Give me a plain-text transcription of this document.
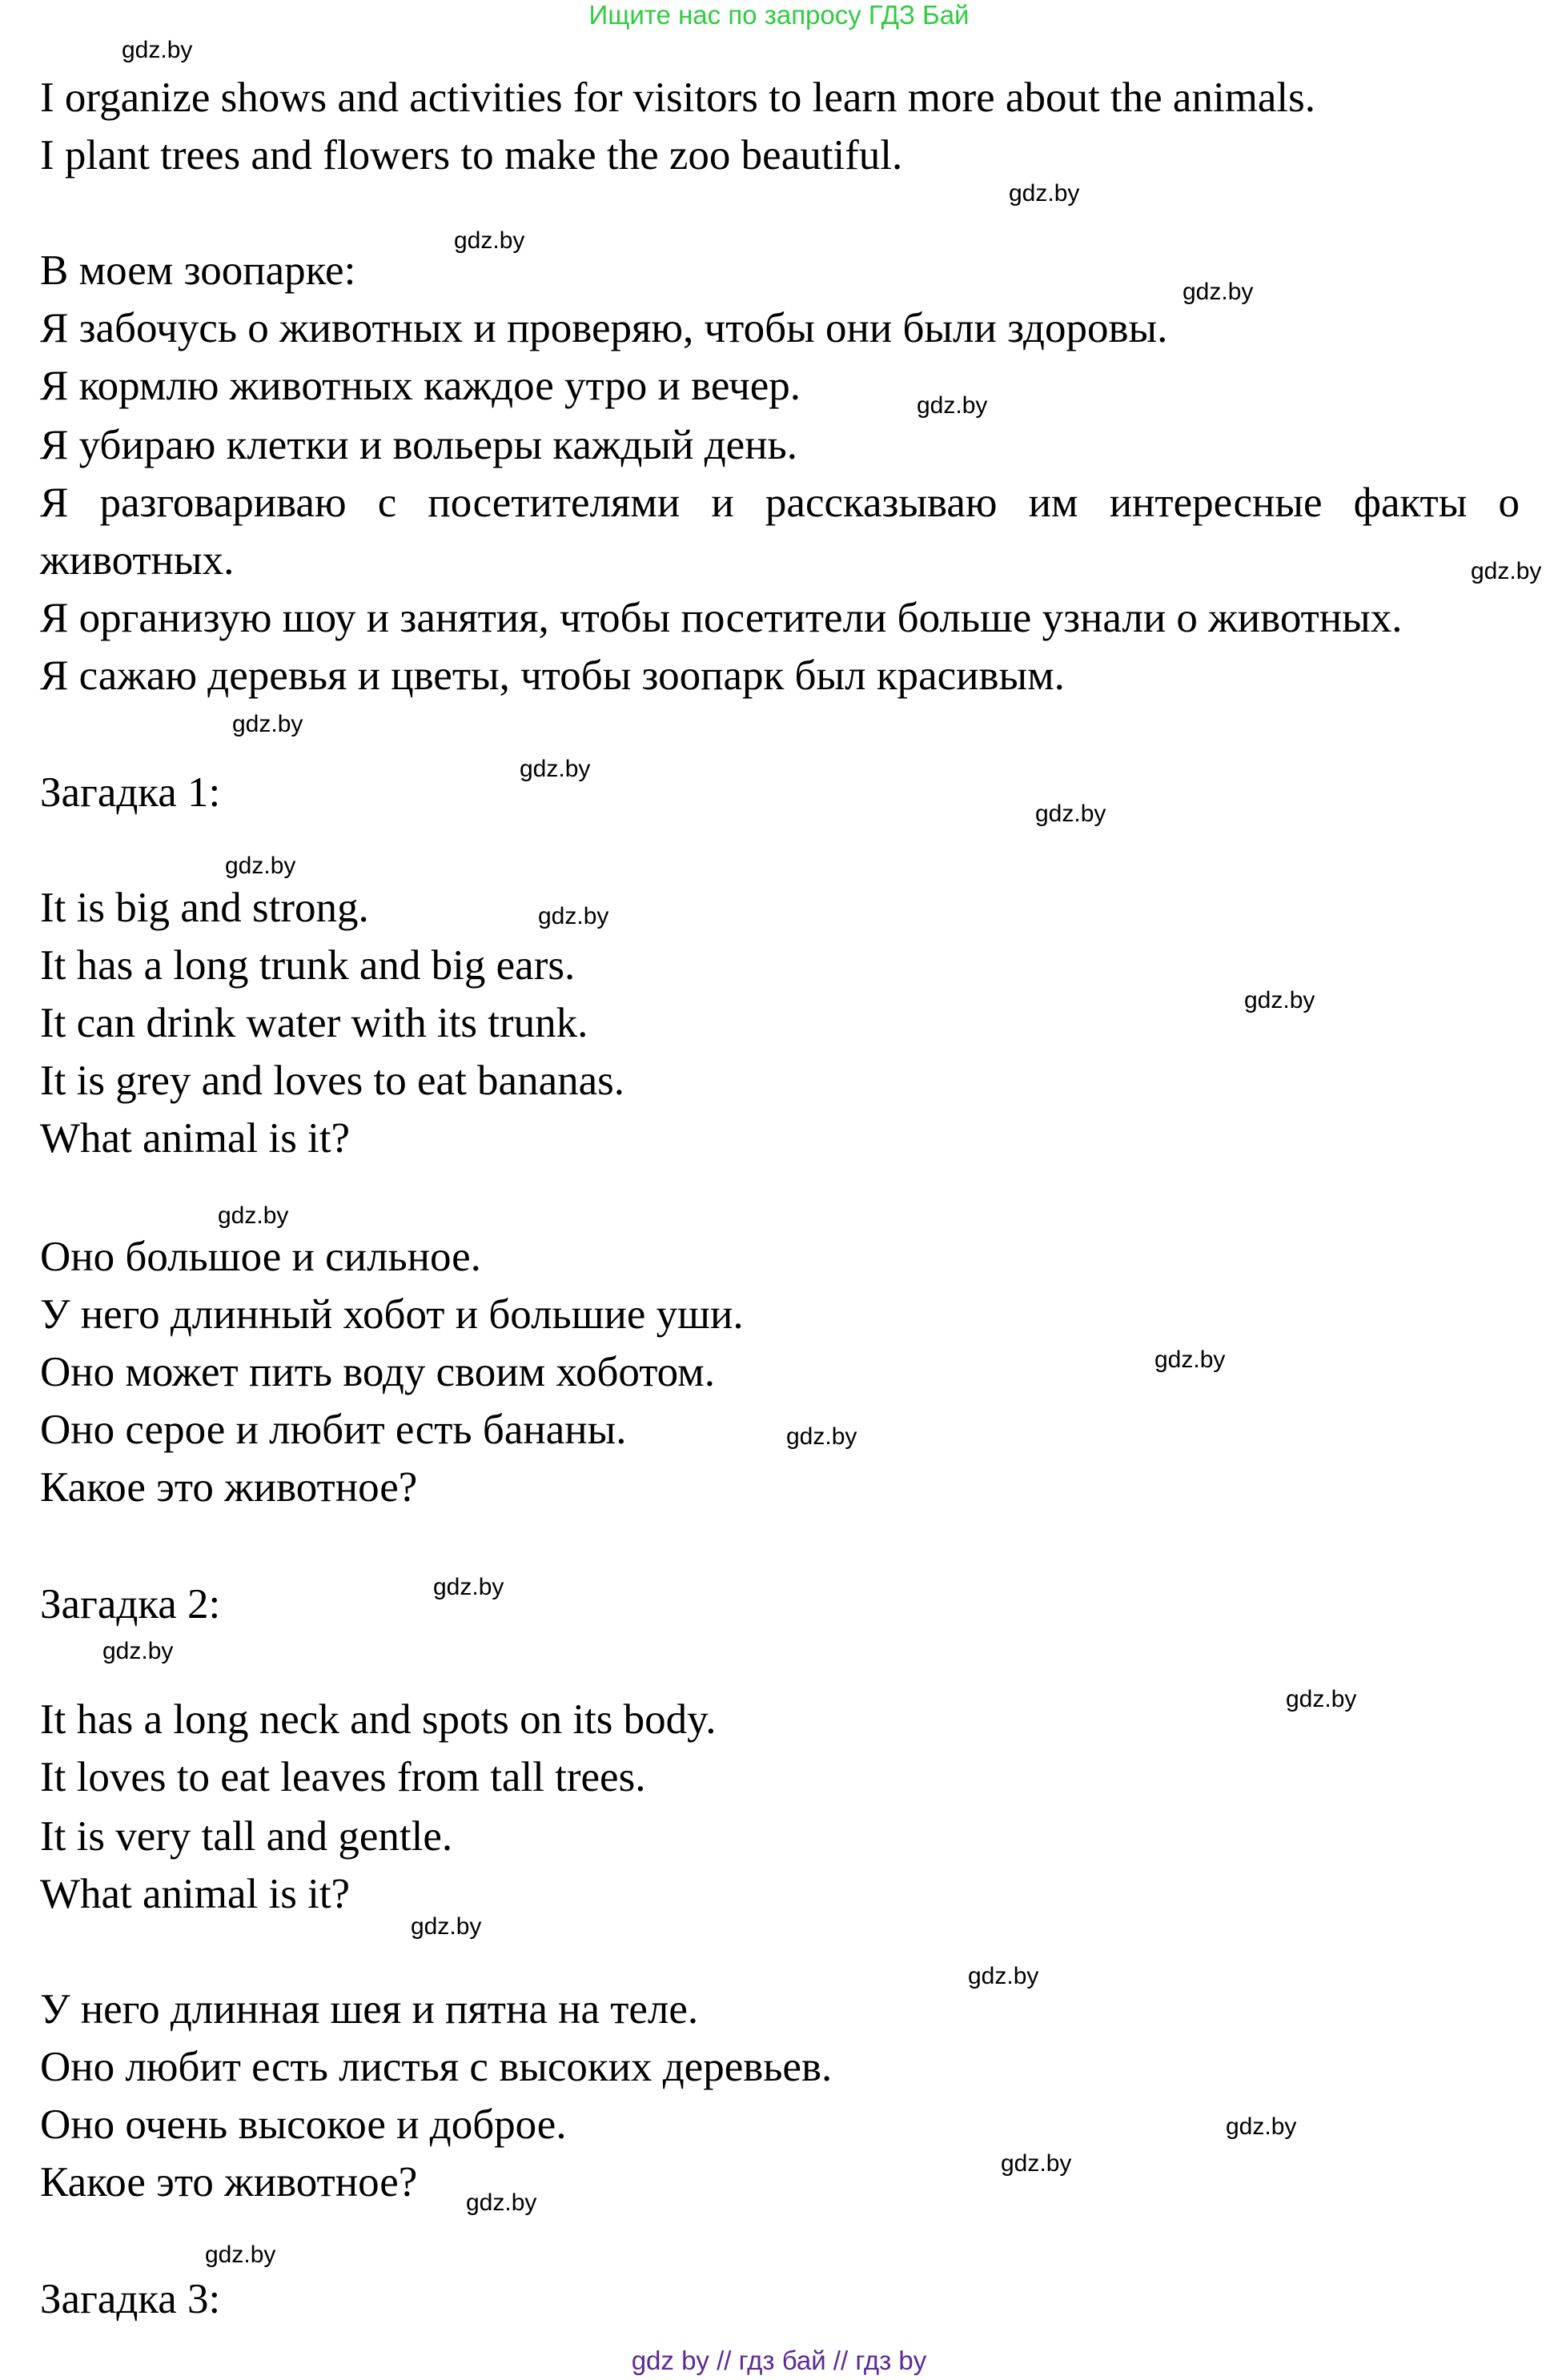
Ищите нас по запросу ГДЗ Бай
gdz.by
I organize shows and activities for visitors to learn more about the animals.
I plant trees and flowers to make the zoo beautiful.
gdz.by
gdz.by
В моем зоопарке:	gdz.by
Я забочусь о животных и проверяю, чтобы они были здоровы.
Я кормлю животных каждое утро и вечер.	gdz.by
Я убираю клетки и вольеры каждый день.
Я разговариваю с посетителями и рассказываю им интересные факты о
животных.	gdz.by
Я организую шоу и занятия, чтобы посетители больше узнали о животных.
Я сажаю деревья и цветы, чтобы зоопарк был красивым.
gdz.by
gdz.by
Загадка 1:	gdz.by
gdz.by
It is big and strong.	gdz.by
It has a long trunk and big ears.
gdz.by
It can drink water with its trunk.
It is grey and loves to eat bananas.
What animal is it?
gdz.by
Оно большое и сильное.
У него длинный хобот и большие уши.
gdz.by
Оно может пить воду своим хоботом.
Оно серое и любит есть бананы.	gdz.by
Какое это животное?
gdz.by
Загадка 2:
gdz.by
gdz.by
It has a long neck and spots on its body.
It loves to eat leaves from tall trees.
It is very tall and gentle.
What animal is it?
gdz.by
gdz.by
У него длинная шея и пятна на теле.
Оно любит есть листья с высоких деревьев.
gdz.by
Оно очень высокое и доброе.
gdz.by
Какое это животное? gdz.by
gdz.by
Загадка 3:
gdz by // гдз бай // гдз by
